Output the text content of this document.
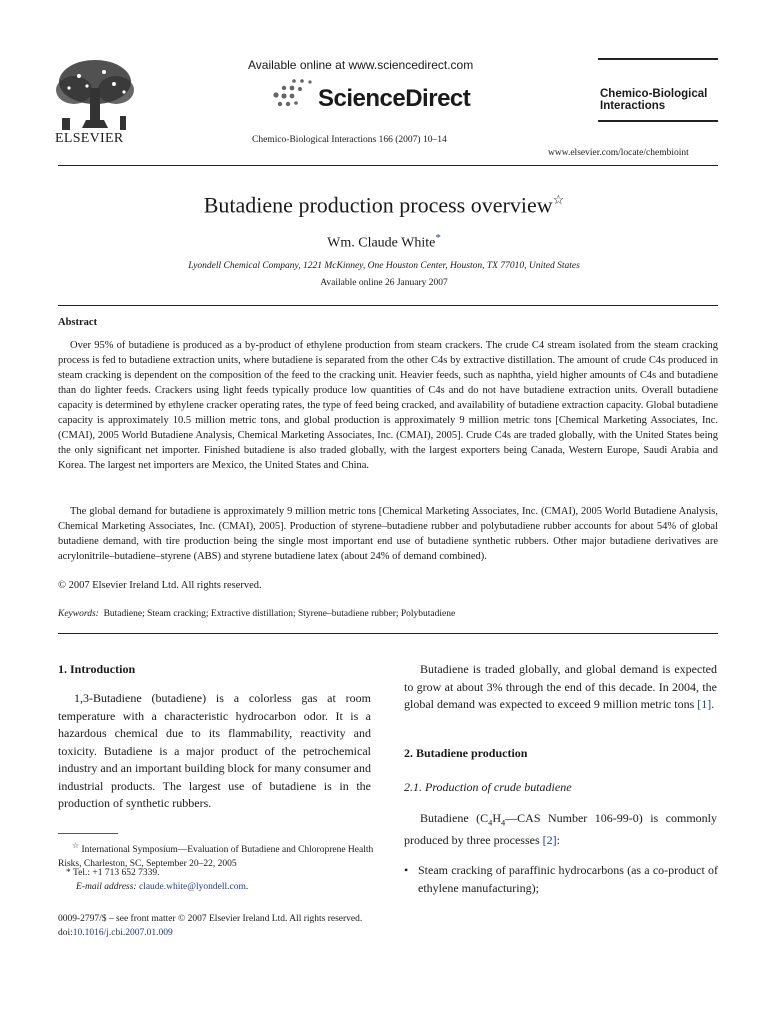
ELSEVIER
Available online at www.sciencedirect.com
ScienceDirect
Chemico-Biological Interactions 166 (2007) 10–14
Chemico-Biological
Interactions
www.elsevier.com/locate/chembioint
Butadiene production process overview☆
Wm. Claude White*
Lyondell Chemical Company, 1221 McKinney, One Houston Center, Houston, TX 77010, United States
Available online 26 January 2007
Abstract

Over 95% of butadiene is produced as a by-product of ethylene production from steam crackers. The crude C4 stream isolated from the steam cracking process is fed to butadiene extraction units, where butadiene is separated from the other C4s by extractive distillation. The amount of crude C4s produced in steam cracking is dependent on the composition of the feed to the cracking unit. Heavier feeds, such as naphtha, yield higher amounts of C4s and butadiene than do lighter feeds. Crackers using light feeds typically produce low quantities of C4s and do not have butadiene extraction units. Overall butadiene capacity is determined by ethylene cracker operating rates, the type of feed being cracked, and availability of butadiene extraction capacity. Global butadiene capacity is approximately 10.5 million metric tons, and global production is approximately 9 million metric tons [Chemical Marketing Associates, Inc. (CMAI), 2005 World Butadiene Analysis, Chemical Marketing Associates, Inc. (CMAI), 2005]. Crude C4s are traded globally, with the United States being the only significant net importer. Finished butadiene is also traded globally, with the largest exporters being Canada, Western Europe, Saudi Arabia and Korea. The largest net importers are Mexico, the United States and China.

The global demand for butadiene is approximately 9 million metric tons [Chemical Marketing Associates, Inc. (CMAI), 2005 World Butadiene Analysis, Chemical Marketing Associates, Inc. (CMAI), 2005]. Production of styrene–butadiene rubber and polybutadiene rubber accounts for about 54% of global butadiene demand, with tire production being the single most important end use of butadiene synthetic rubbers. Other major butadiene derivatives are acrylonitrile–butadiene–styrene (ABS) and styrene butadiene latex (about 24% of demand combined).

© 2007 Elsevier Ireland Ltd. All rights reserved.
Keywords: Butadiene; Steam cracking; Extractive distillation; Styrene–butadiene rubber; Polybutadiene
1. Introduction

1,3-Butadiene (butadiene) is a colorless gas at room temperature with a characteristic hydrocarbon odor. It is a hazardous chemical due to its flammability, reactivity and toxicity. Butadiene is a major product of the petrochemical industry and an important building block for many consumer and industrial products. The largest use of butadiene is in the production of synthetic rubbers.

☆ International Symposium—Evaluation of Butadiene and Chloroprene Health Risks, Charleston, SC, September 20–22, 2005
* Tel.: +1 713 652 7339.
E-mail address: claude.white@lyondell.com.

Butadiene is traded globally, and global demand is expected to grow at about 3% through the end of this decade. In 2004, the global demand was expected to exceed 9 million metric tons [1].

2. Butadiene production
2.1. Production of crude butadiene

Butadiene ($C_4H_4—CAS$ Number 106-99-0) is commonly produced by three processes [2]:

• Steam cracking of paraffinic hydrocarbons (as a co-product of ethylene manufacturing);
0009-2797/$ – see front matter © 2007 Elsevier Ireland Ltd. All rights reserved.
doi:10.1016/j.cbi.2007.01.009
